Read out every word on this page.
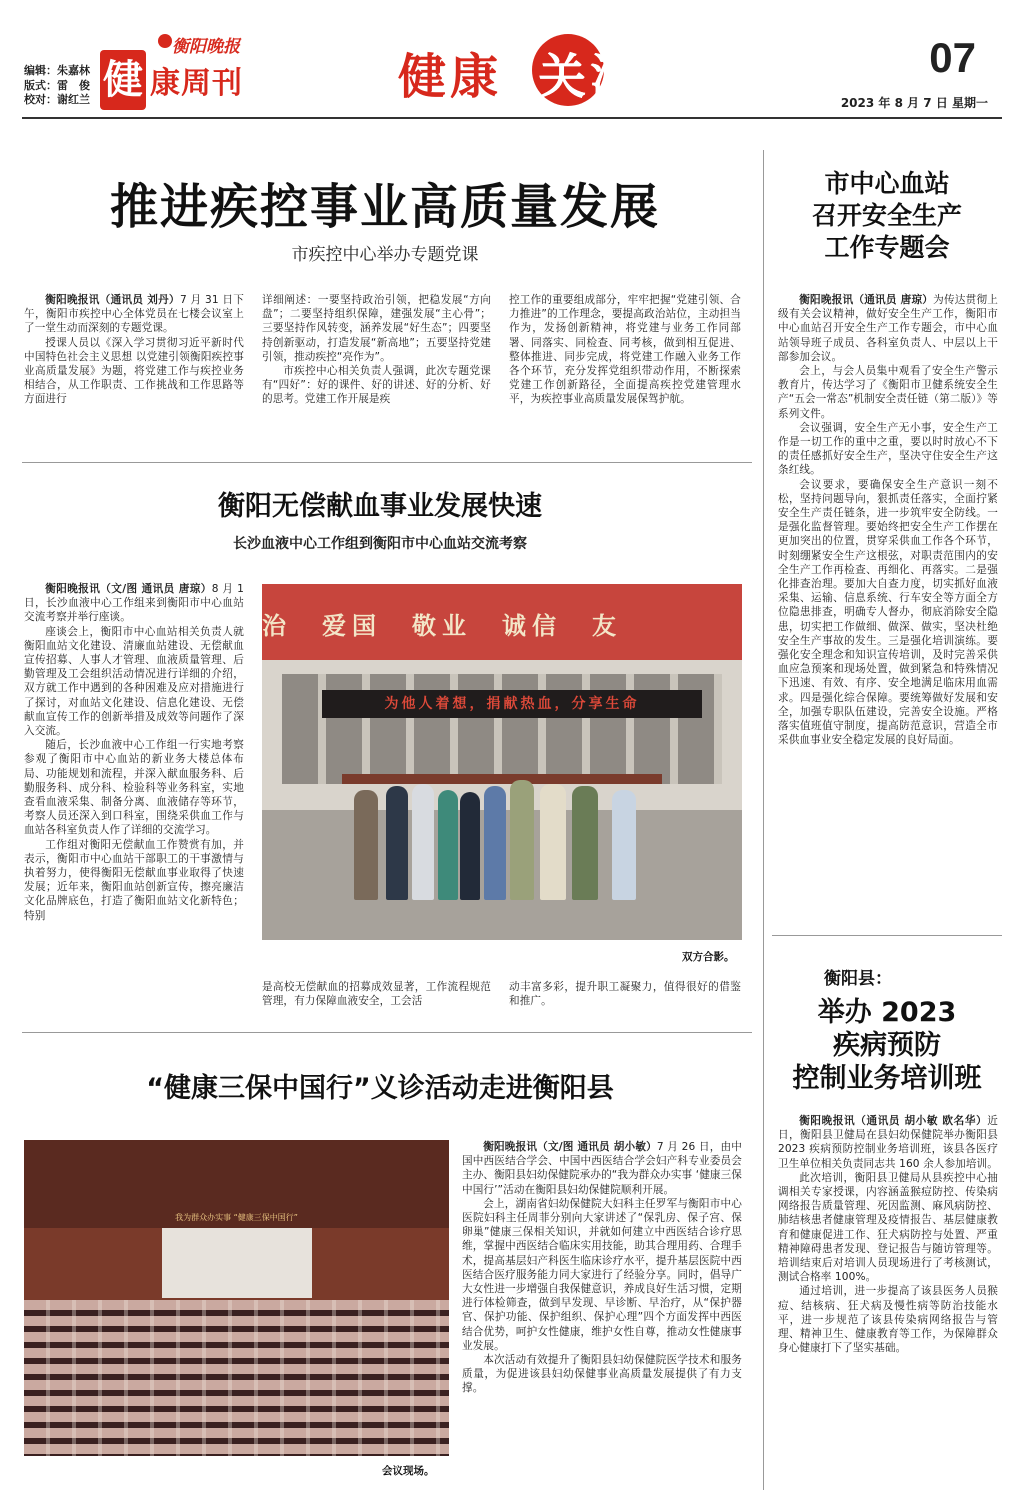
编辑：朱嘉林
版式：雷　俊
校对：谢红兰
衡阳晚报
健 康周刊	健康 关注	07
2023 年 8 月 7 日 星期一
推进疾控事业高质量发展
市疾控中心举办专题党课

衡阳晚报讯（通讯员 刘丹）7 月 31 日下午，衡阳市疾控中心全体党员在七楼会议室上了一堂生动而深刻的专题党课。

授课人员以《深入学习贯彻习近平新时代中国特色社会主义思想 以党建引领衡阳疾控事业高质量发展》为题，将党建工作与疾控业务相结合，从工作职责、工作挑战和工作思路等方面进行

详细阐述：一要坚持政治引领，把稳发展“方向盘”；二要坚持组织保障，建强发展“主心骨”；三要坚持作风转变，涵养发展“好生态”；四要坚持创新驱动，打造发展“新高地”；五要坚持党建引领，推动疾控“亮作为”。

市疾控中心相关负责人强调，此次专题党课有“四好”：好的课件、好的讲述、好的分析、好的思考。党建工作开展是疾

控工作的重要组成部分，牢牢把握“党建引领、合力推进”的工作理念，要提高政治站位，主动担当作为，发扬创新精神，将党建与业务工作同部署、同落实、同检查、同考核，做到相互促进、整体推进、同步完成，将党建工作融入业务工作各个环节，充分发挥党组织带动作用，不断探索党建工作创新路径，全面提高疾控党建管理水平，为疾控事业高质量发展保驾护航。

衡阳无偿献血事业发展快速
长沙血液中心工作组到衡阳市中心血站交流考察

衡阳晚报讯（文/图 通讯员 唐琼）8 月 1 日，长沙血液中心工作组来到衡阳市中心血站交流考察并举行座谈。

座谈会上，衡阳市中心血站相关负责人就衡阳血站文化建设、清廉血站建设、无偿献血宣传招募、人事人才管理、血液质量管理、后勤管理及工会组织活动情况进行详细的介绍，双方就工作中遇到的各种困难及应对措施进行了探讨，对血站文化建设、信息化建设、无偿献血宣传工作的创新举措及成效等问题作了深入交流。

随后，长沙血液中心工作组一行实地考察参观了衡阳市中心血站的新业务大楼总体布局、功能规划和流程，并深入献血服务科、后勤服务科、成分科、检验科等业务科室，实地查看血液采集、制备分离、血液储存等环节，考察人员还深入到口科室，围绕采供血工作与血站各科室负责人作了详细的交流学习。

工作组对衡阳无偿献血工作赞赏有加，并表示，衡阳市中心血站干部职工的干事激情与执着努力，使得衡阳无偿献血事业取得了快速发展；近年来，衡阳血站创新宣传，擦亮廉洁文化品牌底色，打造了衡阳血站文化新特色；特别

治　爱国　敬业　诚信　友
为他人着想，捐献热血，分享生命
双方合影。

是高校无偿献血的招募成效显著，工作流程规范管理，有力保障血液安全，工会活

动丰富多彩，提升职工凝聚力，值得很好的借鉴和推广。

“健康三保中国行”义诊活动走进衡阳县
我为群众办实事 “健康三保中国行”
会议现场。

衡阳晚报讯（文/图 通讯员 胡小敏）7 月 26 日，由中国中西医结合学会、中国中西医结合学会妇产科专业委员会主办、衡阳县妇幼保健院承办的“我为群众办实事 ‘健康三保中国行’”活动在衡阳县妇幼保健院顺利开展。

会上，湖南省妇幼保健院大妇科主任罗军与衡阳市中心医院妇科主任周菲分别向大家讲述了“保乳房、保子宫、保卵巢”健康三保相关知识，并就如何建立中西医结合诊疗思维，掌握中西医结合临床实用技能，助其合理用药、合理手术，提高基层妇产科医生临床诊疗水平，提升基层医院中西医结合医疗服务能力同大家进行了经验分享。同时，倡导广大女性进一步增强自我保健意识，养成良好生活习惯，定期进行体检筛查，做到早发现、早诊断、早治疗，从“保护器官、保护功能、保护组织、保护心理”四个方面发挥中西医结合优势，呵护女性健康，维护女性自尊，推动女性健康事业发展。

本次活动有效提升了衡阳县妇幼保健院医学技术和服务质量，为促进该县妇幼保健事业高质量发展提供了有力支撑。

市中心血站
召开安全生产
工作专题会

衡阳晚报讯（通讯员 唐琼）为传达贯彻上级有关会议精神，做好安全生产工作，衡阳市中心血站召开安全生产工作专题会，市中心血站领导班子成员、各科室负责人、中层以上干部参加会议。

会上，与会人员集中观看了安全生产警示教育片，传达学习了《衡阳市卫健系统安全生产“五会一常态”机制安全责任链（第二版）》等系列文件。

会议强调，安全生产无小事，安全生产工作是一切工作的重中之重，要以时时放心不下的责任感抓好安全生产，坚决守住安全生产这条红线。

会议要求，要确保安全生产意识一刻不松，坚持问题导向，狠抓责任落实，全面拧紧安全生产责任链条，进一步筑牢安全防线。一是强化监督管理。要始终把安全生产工作摆在更加突出的位置，贯穿采供血工作各个环节，时刻绷紧安全生产这根弦，对职责范围内的安全生产工作再检查、再细化、再落实。二是强化排查治理。要加大自查力度，切实抓好血液采集、运输、信息系统、行车安全等方面全方位隐患排查，明确专人督办，彻底消除安全隐患，切实把工作做细、做深、做实，坚决杜绝安全生产事故的发生。三是强化培训演练。要强化安全理念和知识宣传培训，及时完善采供血应急预案和现场处置，做到紧急和特殊情况下迅速、有效、有序、安全地满足临床用血需求。四是强化综合保障。要统筹做好发展和安全，加强专职队伍建设，完善安全设施。严格落实值班值守制度，提高防范意识，营造全市采供血事业安全稳定发展的良好局面。

衡阳县：
举办 2023
疾病预防
控制业务培训班

衡阳晚报讯（通讯员 胡小敏 欧名华）近日，衡阳县卫健局在县妇幼保健院举办衡阳县 2023 疾病预防控制业务培训班，该县各医疗卫生单位相关负责同志共 160 余人参加培训。

此次培训，衡阳县卫健局从县疾控中心抽调相关专家授课，内容涵盖猴痘防控、传染病网络报告质量管理、死因监测、麻风病防控、肺结核患者健康管理及疫情报告、基层健康教育和健康促进工作、狂犬病防控与处置、严重精神障碍患者发现、登记报告与随访管理等。培训结束后对培训人员现场进行了考核测试，测试合格率 100%。

通过培训，进一步提高了该县医务人员猴痘、结核病、狂犬病及慢性病等防治技能水平，进一步规范了该县传染病网络报告与管理、精神卫生、健康教育等工作，为保障群众身心健康打下了坚实基础。
